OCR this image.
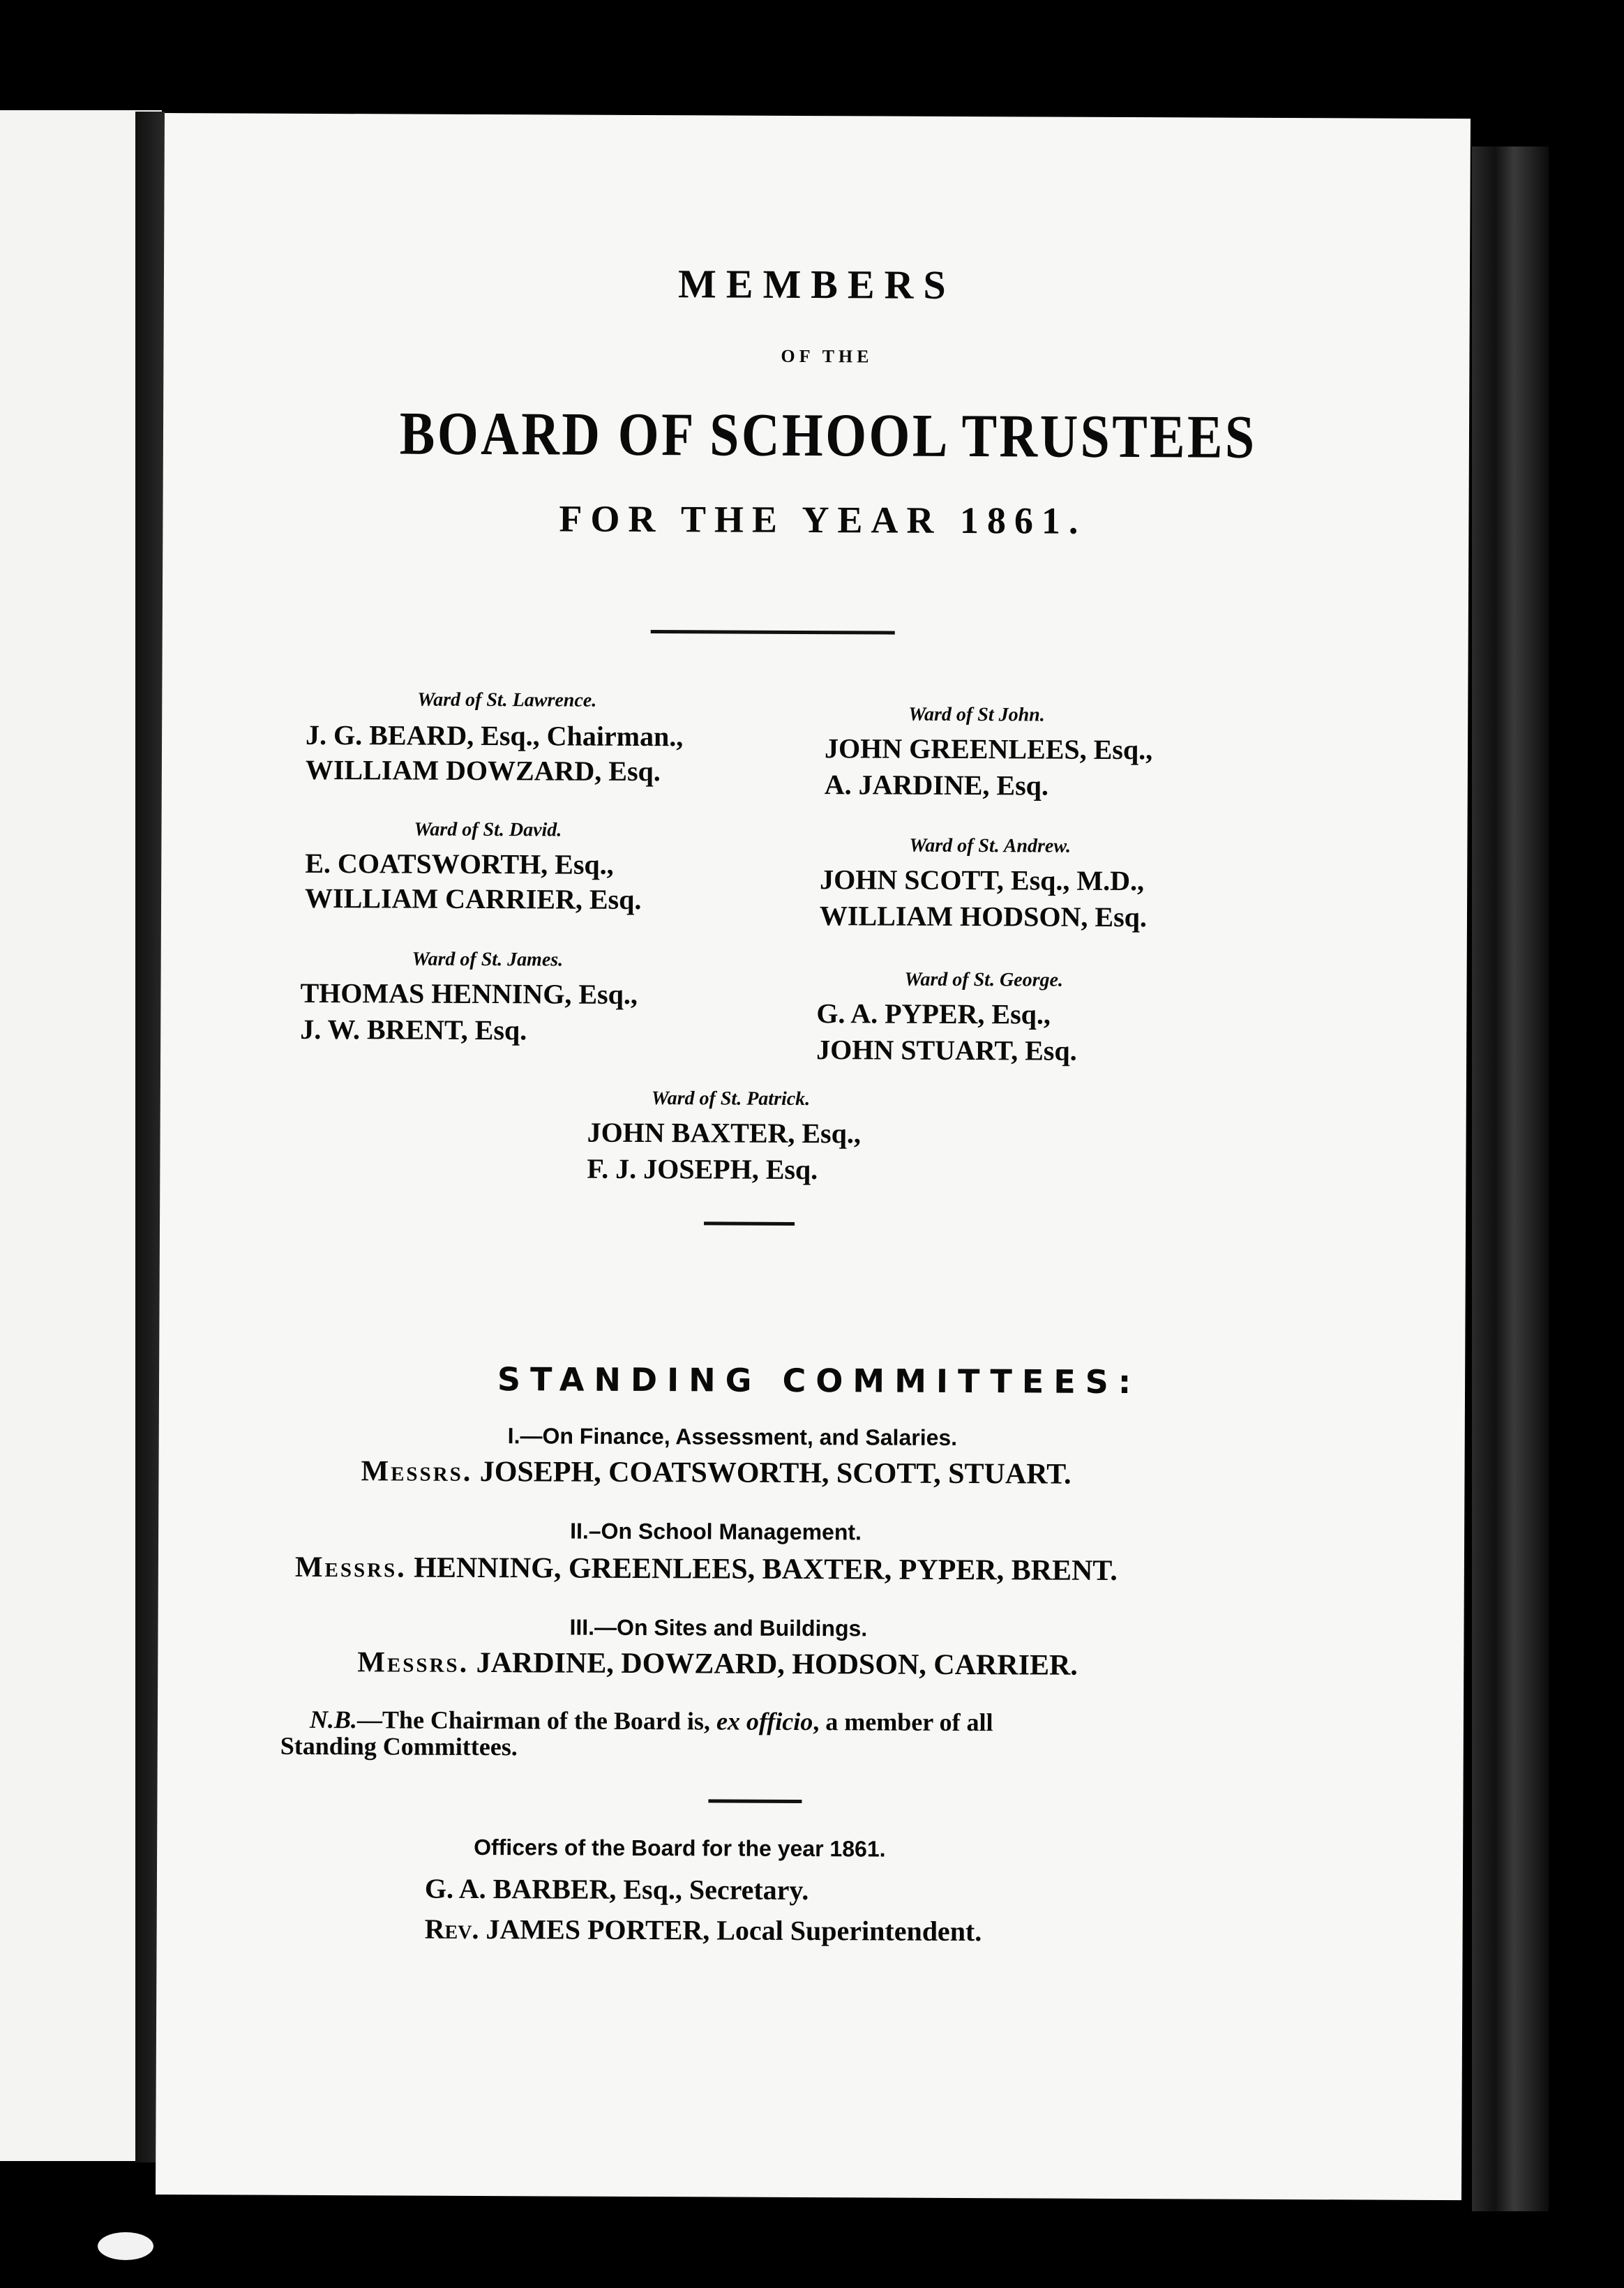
MEMBERS
OF THE
BOARD OF SCHOOL TRUSTEES
FOR THE YEAR 1861.
Ward of St. Lawrence.
J. G. BEARD, Esq., Chairman.,
WILLIAM DOWZARD, Esq.
Ward of St. David.
E. COATSWORTH, Esq.,
WILLIAM CARRIER, Esq.
Ward of St. James.
THOMAS HENNING, Esq.,
J. W. BRENT, Esq.
Ward of St John.
JOHN GREENLEES, Esq.,
A. JARDINE, Esq.
Ward of St. Andrew.
JOHN SCOTT, Esq., M.D.,
WILLIAM HODSON, Esq.
Ward of St. George.
G. A. PYPER, Esq.,
JOHN STUART, Esq.
Ward of St. Patrick.
JOHN BAXTER, Esq.,
F. J. JOSEPH, Esq.
STANDING COMMITTEES:
I.—On Finance, Assessment, and Salaries.
Messrs. JOSEPH, COATSWORTH, SCOTT, STUART.
II.–On School Management.
Messrs. HENNING, GREENLEES, BAXTER, PYPER, BRENT.
III.—On Sites and Buildings.
Messrs. JARDINE, DOWZARD, HODSON, CARRIER.
N.B.—The Chairman of the Board is, ex officio, a member of all
Standing Committees.
Officers of the Board for the year 1861.
G. A. BARBER, Esq., Secretary.
Rev. JAMES PORTER, Local Superintendent.
